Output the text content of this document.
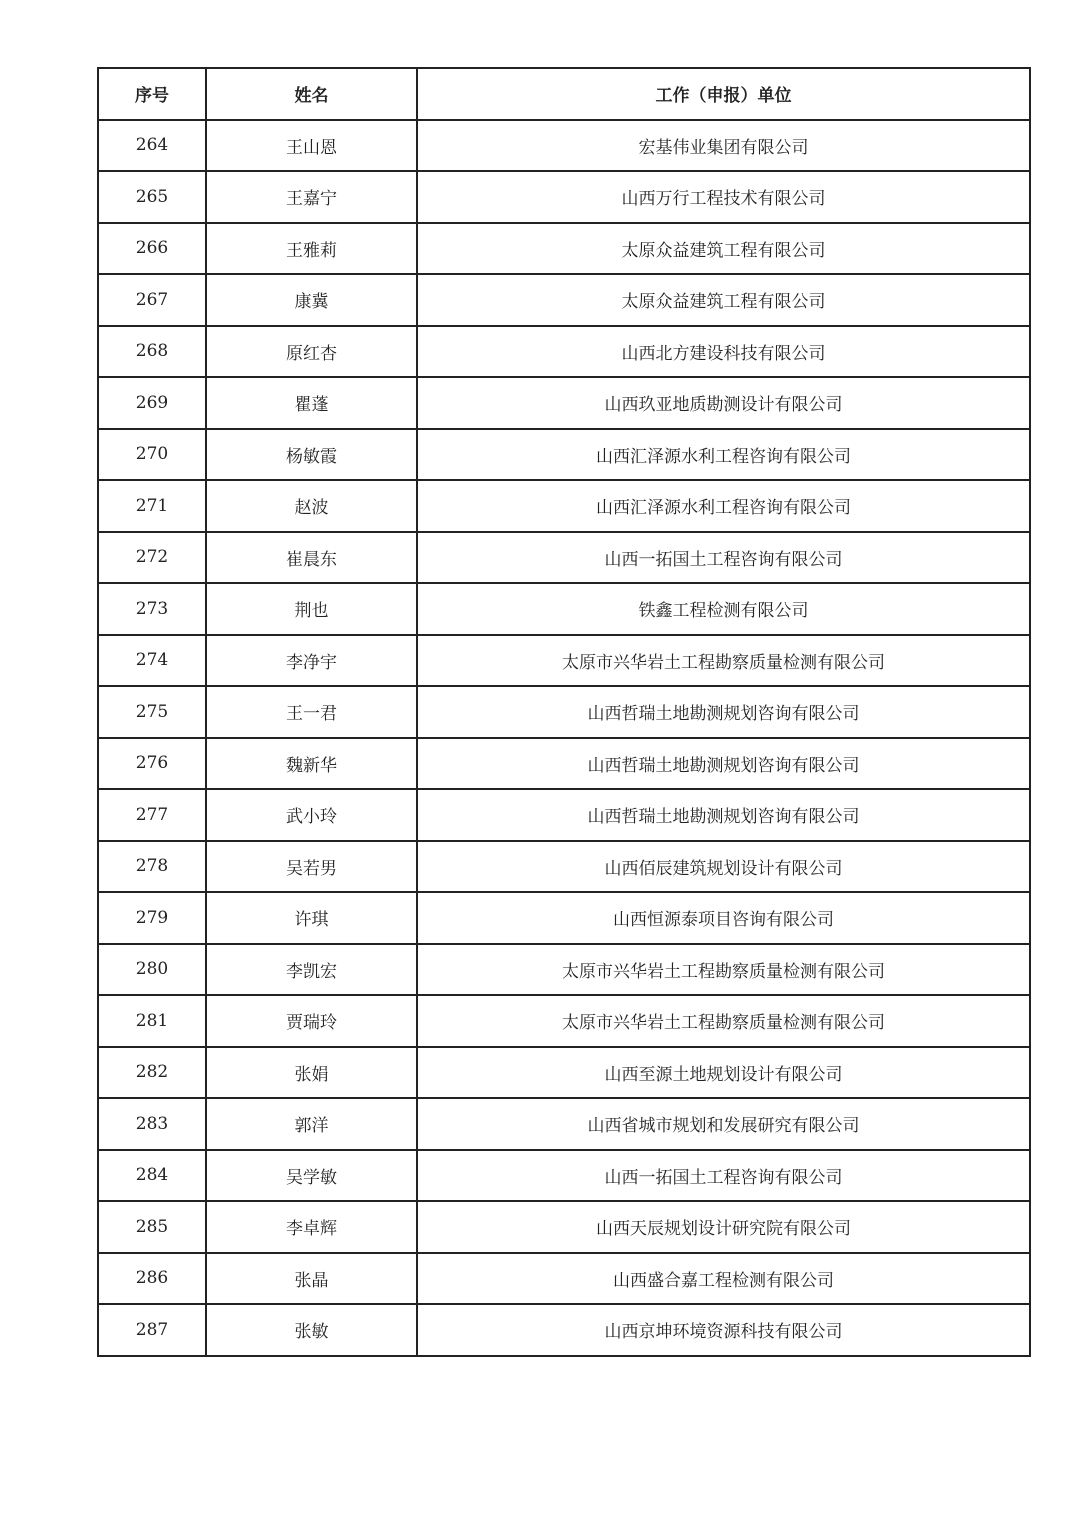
序号	姓名	工作（申报）单位
264	王山恩	宏基伟业集团有限公司
265	王嘉宁	山西万行工程技术有限公司
266	王雅莉	太原众益建筑工程有限公司
267	康冀	太原众益建筑工程有限公司
268	原红杏	山西北方建设科技有限公司
269	瞿蓬	山西玖亚地质勘测设计有限公司
270	杨敏霞	山西汇泽源水利工程咨询有限公司
271	赵波	山西汇泽源水利工程咨询有限公司
272	崔晨东	山西一拓国土工程咨询有限公司
273	荆也	铁鑫工程检测有限公司
274	李净宇	太原市兴华岩土工程勘察质量检测有限公司
275	王一君	山西哲瑞土地勘测规划咨询有限公司
276	魏新华	山西哲瑞土地勘测规划咨询有限公司
277	武小玲	山西哲瑞土地勘测规划咨询有限公司
278	吴若男	山西佰辰建筑规划设计有限公司
279	许琪	山西恒源泰项目咨询有限公司
280	李凯宏	太原市兴华岩土工程勘察质量检测有限公司
281	贾瑞玲	太原市兴华岩土工程勘察质量检测有限公司
282	张娟	山西至源土地规划设计有限公司
283	郭洋	山西省城市规划和发展研究有限公司
284	吴学敏	山西一拓国土工程咨询有限公司
285	李卓辉	山西天辰规划设计研究院有限公司
286	张晶	山西盛合嘉工程检测有限公司
287	张敏	山西京坤环境资源科技有限公司
